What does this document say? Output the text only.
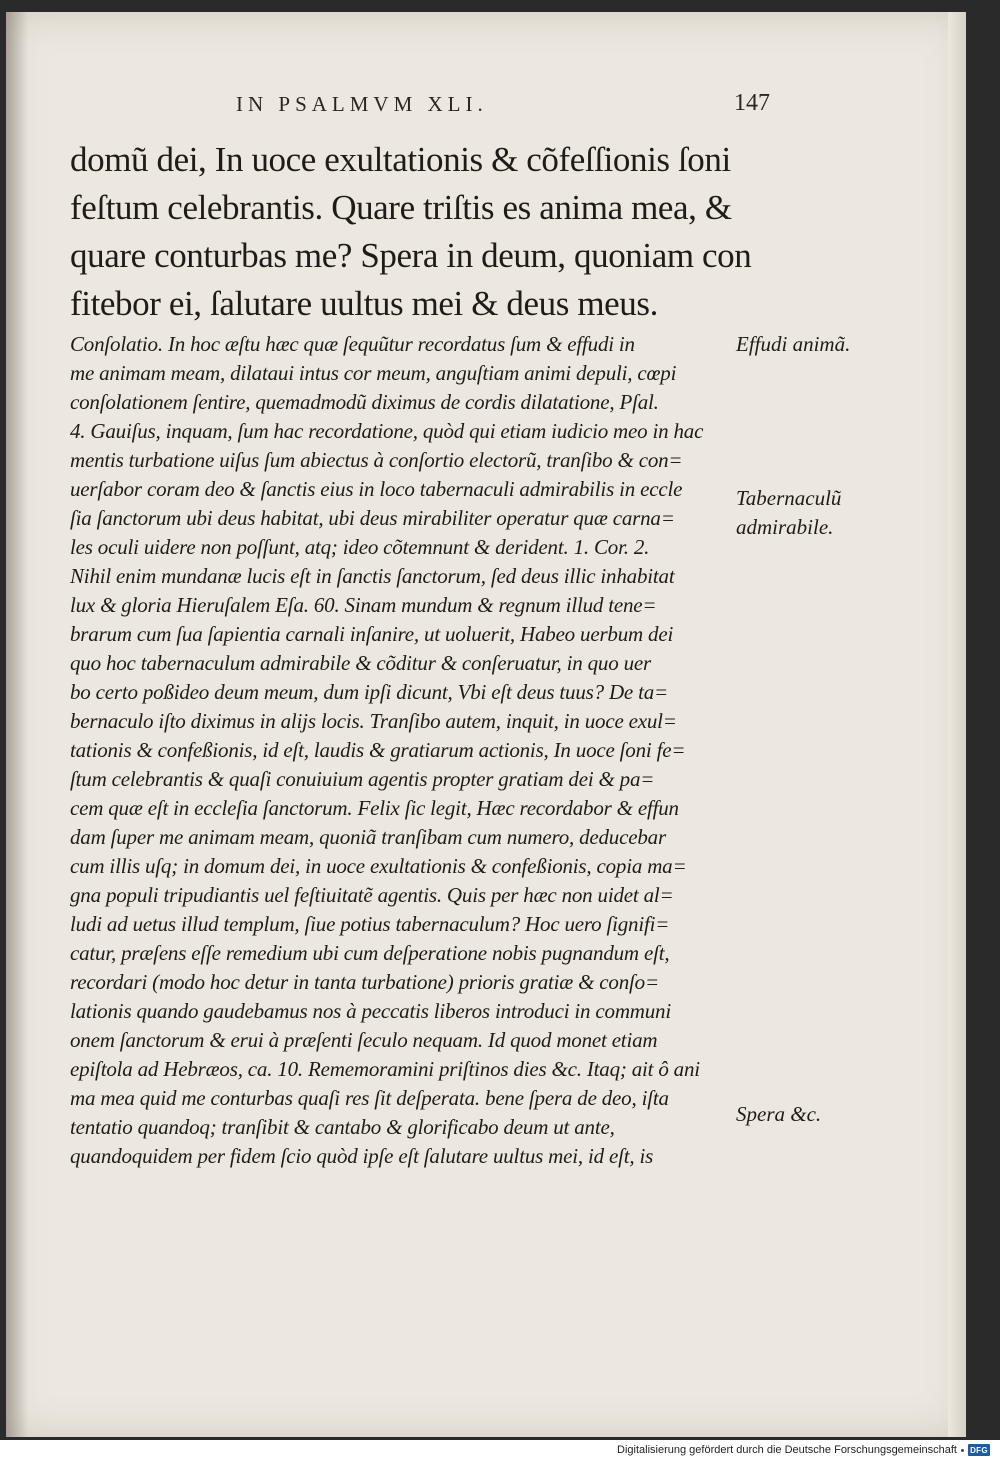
IN PSALMVM XLI.	147
domũ dei, In uoce exultationis & cõfeſſionis ſoni
feſtum celebrantis. Quare triſtis es anima mea, &
quare conturbas me? Spera in deum, quoniam con
fitebor ei, ſalutare uultus mei & deus meus.
Conſolatio. In hoc æſtu hæc quæ ſequũtur recordatus ſum & effudi in
me animam meam, dilataui intus cor meum, anguſtiam animi depuli, cœpi
conſolationem ſentire, quemadmodũ diximus de cordis dilatatione, Pſal.
4. Gauiſus, inquam, ſum hac recordatione, quòd qui etiam iudicio meo in hac
mentis turbatione uiſus ſum abiectus à conſortio electorũ, tranſibo & con=
uerſabor coram deo & ſanctis eius in loco tabernaculi admirabilis in eccle
ſia ſanctorum ubi deus habitat, ubi deus mirabiliter operatur quæ carna=
les oculi uidere non poſſunt, atq; ideo cõtemnunt & derident. 1. Cor. 2.
Nihil enim mundanæ lucis eſt in ſanctis ſanctorum, ſed deus illic inhabitat
lux & gloria Hieruſalem Eſa. 60. Sinam mundum & regnum illud tene=
brarum cum ſua ſapientia carnali inſanire, ut uoluerit, Habeo uerbum dei
quo hoc tabernaculum admirabile & cõditur & conſeruatur, in quo uer
bo certo poßideo deum meum, dum ipſi dicunt, Vbi eſt deus tuus? De ta=
bernaculo iſto diximus in alijs locis. Tranſibo autem, inquit, in uoce exul=
tationis & confeßionis, id eſt, laudis & gratiarum actionis, In uoce ſoni fe=
ſtum celebrantis & quaſi conuiuium agentis propter gratiam dei & pa=
cem quæ eſt in eccleſia ſanctorum. Felix ſic legit, Hæc recordabor & effun
dam ſuper me animam meam, quoniã tranſibam cum numero, deducebar
cum illis uſq; in domum dei, in uoce exultationis & confeßionis, copia ma=
gna populi tripudiantis uel feſtiuitatẽ agentis. Quis per hæc non uidet al=
ludi ad uetus illud templum, ſiue potius tabernaculum? Hoc uero ſignifi=
catur, præſens eſſe remedium ubi cum deſperatione nobis pugnandum eſt,
recordari (modo hoc detur in tanta turbatione) prioris gratiæ & conſo=
lationis quando gaudebamus nos à peccatis liberos introduci in communi
onem ſanctorum & erui à præſenti ſeculo nequam. Id quod monet etiam
epiſtola ad Hebræos, ca. 10. Rememoramini priſtinos dies &c. Itaq; ait ô ani
ma mea quid me conturbas quaſi res ſit deſperata. bene ſpera de deo, iſta
tentatio quandoq; tranſibit & cantabo & glorificabo deum ut ante,
quandoquidem per fidem ſcio quòd ipſe eſt ſalutare uultus mei, id eſt, is
Effudi animã.
Tabernaculũ
admirabile.
Spera &c.
Digitalisierung gefördert durch die Deutsche Forschungsgemeinschaft DFG
